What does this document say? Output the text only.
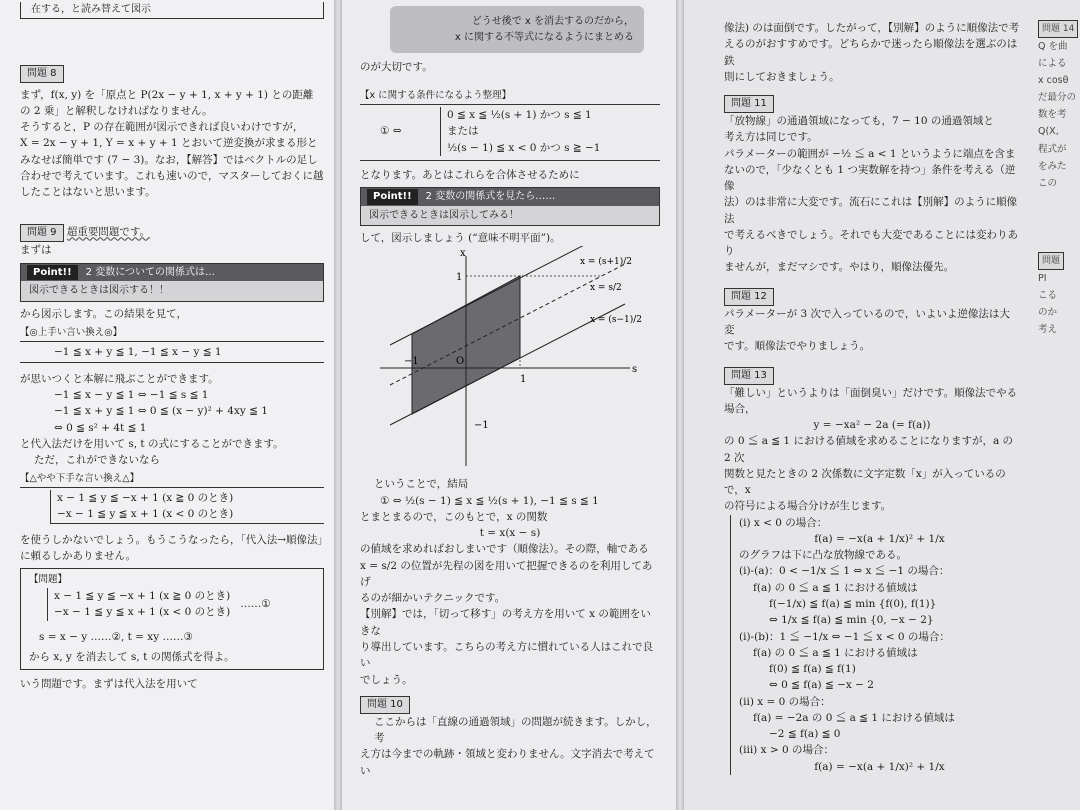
在する，と読み替えて図示
問題 8

まず，f(x, y) を「原点と P(2x − y + 1, x + y + 1) との距離

の 2 乗」と解釈しなければなりません。

そうすると，P の存在範囲が図示できれば良いわけですが，

X = 2x − y + 1, Y = x + y + 1 とおいて逆変換が求まる形と

みなせば簡単です (7 − 3)。なお，【解答】ではベクトルの足し

合わせで考えています。これも速いので，マスターしておくに越

したことはないと思います。

問題 9 超重要問題です。

まずは

Point!!	2 変数についての関係式は…
図示できるときは図示する！！

から図示します。この結果を見て，

【◎上手い言い換え◎】

−1 ≦ x + y ≦ 1, −1 ≦ x − y ≦ 1

が思いつくと本解に飛ぶことができます。

−1 ≦ x − y ≦ 1 ⇔ −1 ≦ s ≦ 1

−1 ≦ x + y ≦ 1 ⇔ 0 ≦ (x − y)² + 4xy ≦ 1

⇔ 0 ≦ s² + 4t ≦ 1

と代入法だけを用いて s, t の式にすることができます。

ただ，これができないなら

【△やや下手な言い換え△】

x − 1 ≦ y ≦ −x + 1 (x ≧ 0 のとき)

−x − 1 ≦ y ≦ x + 1 (x < 0 のとき)

を使うしかないでしょう。もうこうなったら，「代入法→順像法」

に頼るしかありません。

【問題】

x − 1 ≦ y ≦ −x + 1 (x ≧ 0 のとき)

−x − 1 ≦ y ≦ x + 1 (x < 0 のとき)

……①

s = x − y ……②, t = xy ……③

から x, y を消去して s, t の関係式を得よ。

いう問題です。まずは代入法を用いて

どうせ後で x を消去するのだから，

x に関する不等式になるようにまとめる

のが大切です。

【x に関する条件になるよう整理】
① ⇔

0 ≦ x ≦ ½(s + 1) かつ s ≦ 1

または

½(s − 1) ≦ x < 0 かつ s ≧ −1

となります。あとはこれらを合体させるために

Point!!	2 変数の関係式を見たら……
図示できるときは図示してみる！

して，図示しましょう (“意味不明平面”)。

s
x
O
1
1
−1
−1
x = (s+1)/2
x = s/2
x = (s−1)/2

ということで，結局

① ⇔ ½(s − 1) ≦ x ≦ ½(s + 1), −1 ≦ s ≦ 1

とまとまるので，このもとで，x の関数

t = x(x − s)

の値域を求めればおしまいです（順像法）。その際，軸である

x = s/2 の位置が先程の図を用いて把握できるのを利用してあげ

るのが細かいテクニックです。

【別解】では，「切って移す」の考え方を用いて x の範囲をいきな

り導出しています。こちらの考え方に慣れている人はこれで良い

でしょう。

問題 10

ここからは「直線の通過領域」の問題が続きます。しかし，考

え方は今までの軌跡・領域と変わりません。文字消去で考えてい

像法) のは面倒です。したがって，【別解】のように順像法で考

えるのがおすすめです。どちらかで迷ったら順像法を選ぶのは鉄

則にしておきましょう。

問題 11

「放物線」の通過領域になっても，7 − 10 の通過領域と

考え方は同じです。

パラメーターの範囲が −½ ≦ a < 1 というように端点を含ま

ないので，「少なくとも 1 つ実数解を持つ」条件を考える（逆像

法）のは非常に大変です。流石にこれは【別解】のように順像法

で考えるべきでしょう。それでも大変であることには変わりあり

ませんが，まだマシです。やはり，順像法優先。

問題 12

パラメーターが 3 次で入っているので，いよいよ逆像法は大変

です。順像法でやりましょう。

問題 13

「難しい」というよりは「面倒臭い」だけです。順像法でやる

場合，

y = −xa² − 2a (= f(a))

の 0 ≦ a ≦ 1 における値域を求めることになりますが，a の 2 次

関数と見たときの 2 次係数に文字定数「x」が入っているので，x

の符号による場合分けが生じます。

(i) x < 0 の場合：

f(a) = −x(a + 1/x)² + 1/x

のグラフは下に凸な放物線である。

(i)-(a)：0 < −1/x ≦ 1 ⇔ x ≦ −1 の場合：

f(a) の 0 ≦ a ≦ 1 における値域は

f(−1/x) ≦ f(a) ≦ min {f(0), f(1)}

⇔ 1/x ≦ f(a) ≦ min {0, −x − 2}

(i)-(b)：1 ≦ −1/x ⇔ −1 ≦ x < 0 の場合：

f(a) の 0 ≦ a ≦ 1 における値域は

f(0) ≦ f(a) ≦ f(1)

⇔ 0 ≦ f(a) ≦ −x − 2

(ii) x = 0 の場合：

f(a) = −2a の 0 ≦ a ≦ 1 における値域は

−2 ≦ f(a) ≦ 0

(iii) x > 0 の場合：

f(a) = −x(a + 1/x)² + 1/x

問題 14

Q を曲

による

x cosθ

だ最分の

数を考

Q(X,

程式が

をみた

この

問題

PI

こる

のか

考え
